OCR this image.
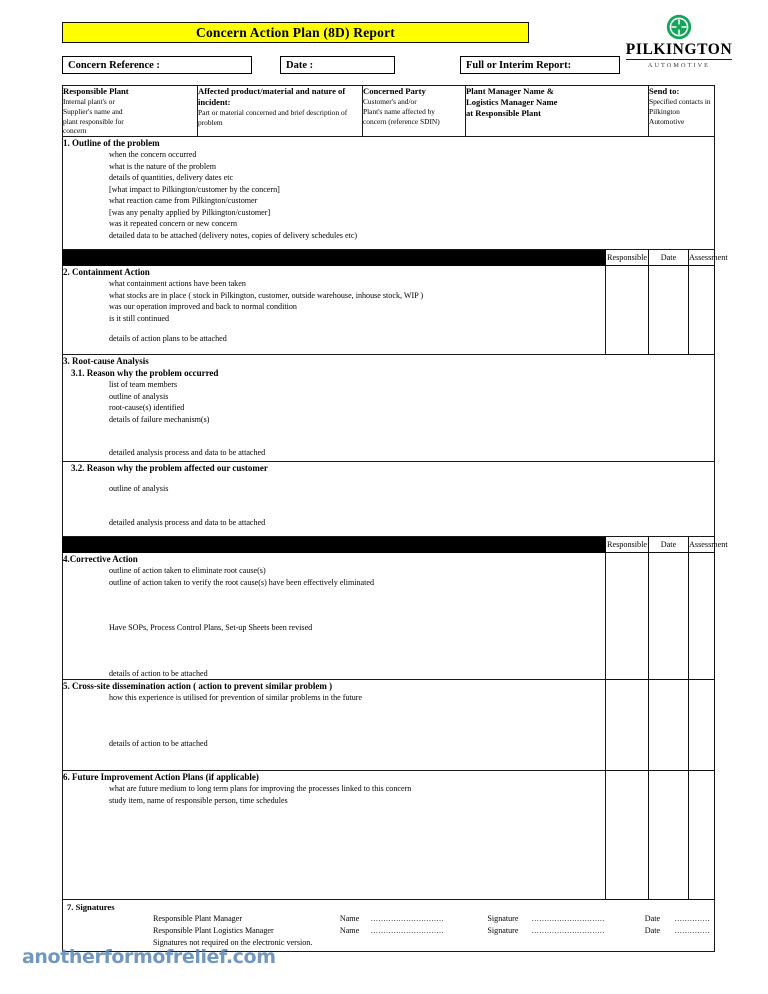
Concern Action Plan (8D) Report
PILKINGTON
AUTOMOTIVE
Concern Reference :	Date :	Full or Interim Report:
Responsible Plant
Internal plant's or
Supplier's name and
plant responsible for
concern

Affected product/material and nature of incident:
Part or material concerned and brief description of problem

Concerned Party
Customer's and/or
Plant's name affected by
concern (reference SDIN)

Plant Manager Name &
Logistics Manager Name
at Responsible Plant

Send to:
Specified contacts in
Pilkington Automotive

1. Outline of the problem
when the concern occurred
what is the nature of the problem
details of quantities, delivery dates etc
[what impact to Pilkington/customer by the concern]
what reaction came from Pilkington/customer
[was any penalty applied by Pilkington/customer]
was it repeated concern or new concern
detailed data to be attached (delivery notes, copies of delivery schedules etc)

	Responsible	Date	Assessment

2. Containment Action
what containment actions have been taken
what stocks are in place ( stock in Pilkington, customer, outside warehouse, inhouse stock, WIP )
was our operation improved and back to normal condition
is it still continued
details of action plans to be attached

3. Root-cause Analysis
3.1. Reason why the problem occurred
list of team members
outline of analysis
root-cause(s) identified
details of failure mechanism(s)
detailed analysis process and data to be attached

3.2. Reason why the problem affected our customer
outline of analysis
detailed analysis process and data to be attached

	Responsible	Date	Assessment

4.Corrective Action
outline of action taken to eliminate root cause(s)
outline of action taken to verify the root cause(s) have been effectively eliminated
Have SOPs, Process Control Plans, Set-up Sheets been revised
details of action to be attached

5. Cross-site dissemination action ( action to prevent similar problem )
how this experience is utilised for prevention of similar problems in the future
details of action to be attached

6. Future Improvement Action Plans (if applicable)
what are future medium to long term plans for improving the processes linked to this concern
study item, name of responsible person, time schedules

7. Signatures
Responsible Plant Manager	Name	.............................	Signature	.............................	Date	..............
Responsible Plant Logistics Manager	Name	.............................	Signature	.............................	Date	..............
Signatures not required on the electronic version.
anotherformofrelief.com
